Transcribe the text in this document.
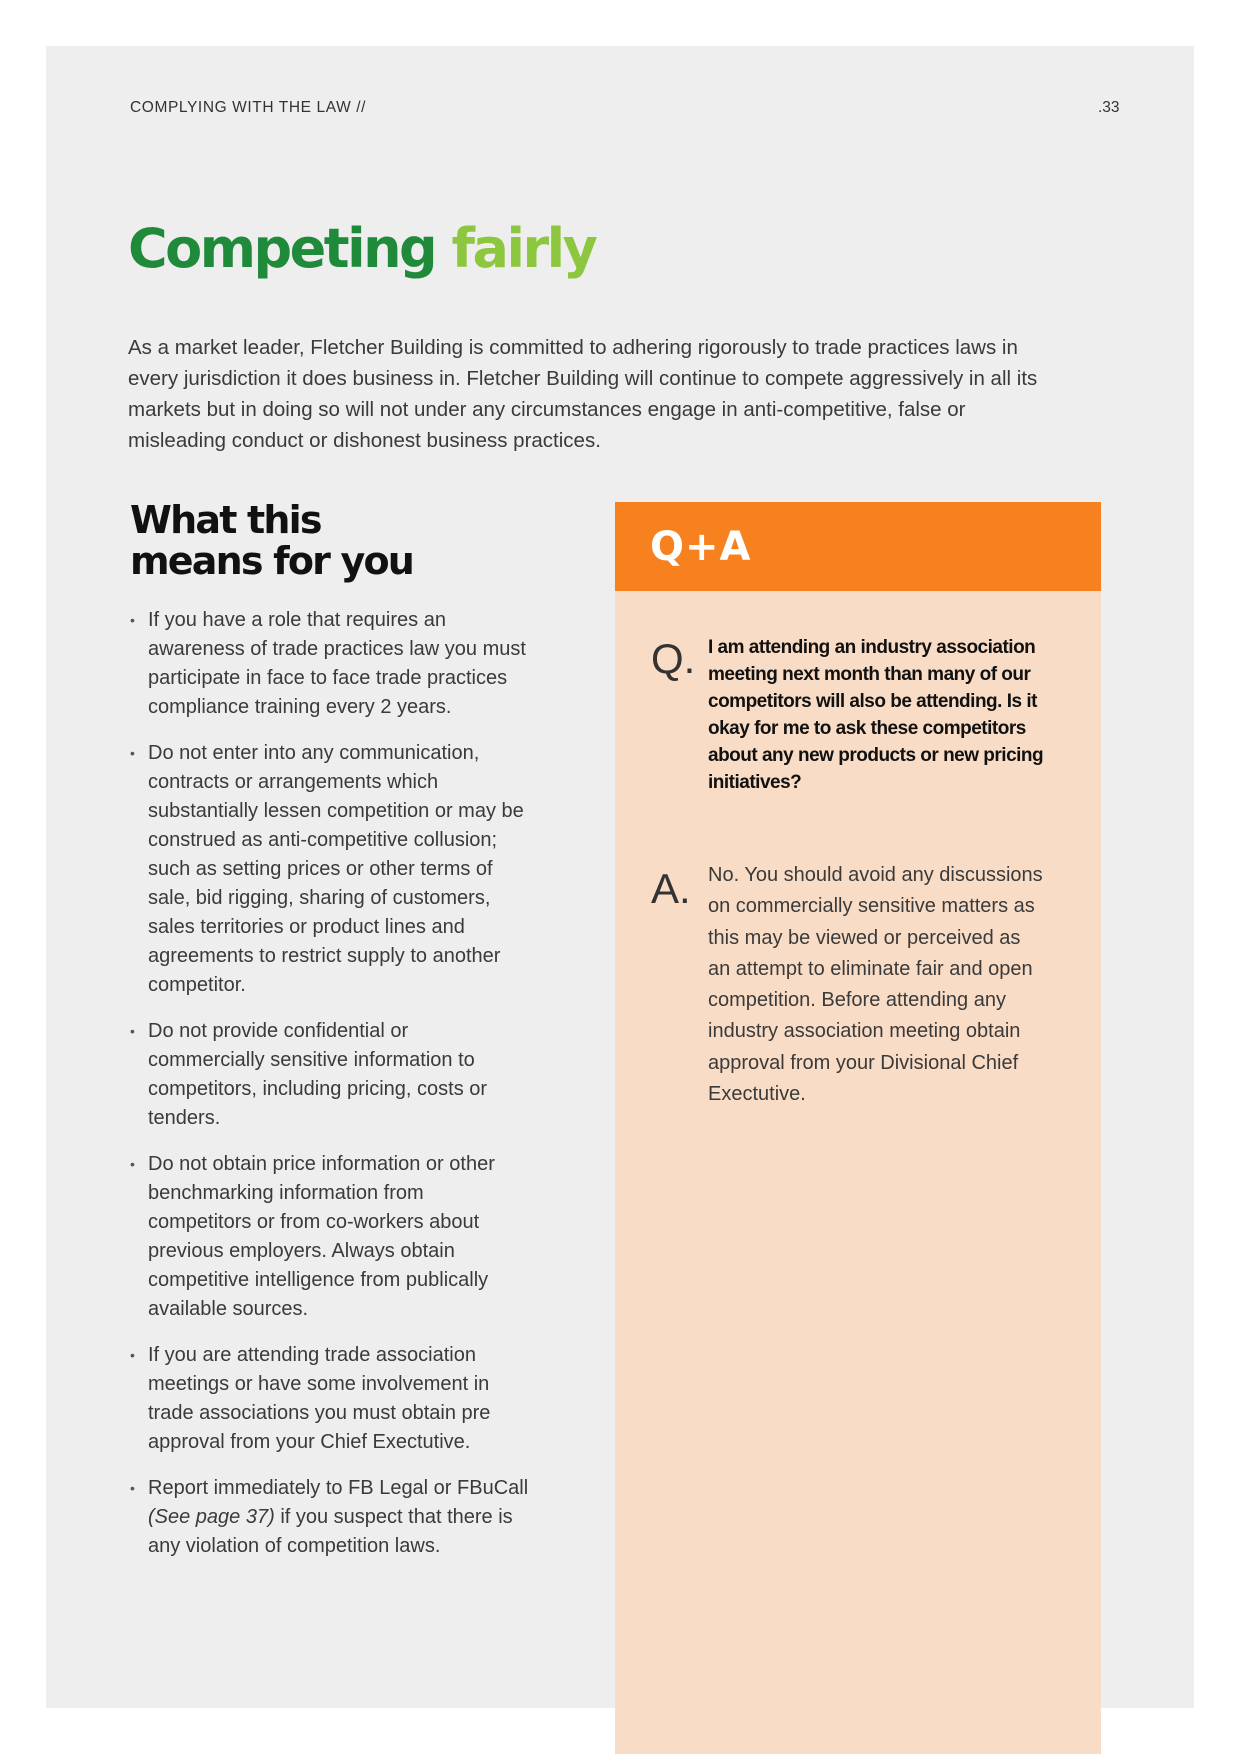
COMPLYING WITH THE LAW //	.33
Competing fairly

As a market leader, Fletcher Building is committed to adhering rigorously to trade practices laws in every jurisdiction it does business in. Fletcher Building will continue to compete aggressively in all its markets but in doing so will not under any circumstances engage in anti-competitive, false or misleading conduct or dishonest business practices.

What this
means for you
• If you have a role that requires an awareness of trade practices law you must participate in face to face trade practices compliance training every 2 years.
• Do not enter into any communication, contracts or arrangements which substantially lessen competition or may be construed as anti-competitive collusion; such as setting prices or other terms of sale, bid rigging, sharing of customers, sales territories or product lines and agreements to restrict supply to another competitor.
• Do not provide confidential or commercially sensitive information to competitors, including pricing, costs or tenders.
• Do not obtain price information or other benchmarking information from competitors or from co-workers about previous employers. Always obtain competitive intelligence from publically available sources.
• If you are attending trade association meetings or have some involvement in trade associations you must obtain pre approval from your Chief Exectutive.
• Report immediately to FB Legal or FBuCall (See page 37) if you suspect that there is any violation of competition laws.
Q+A
Q. I am attending an industry association meeting next month than many of our competitors will also be attending. Is it okay for me to ask these competitors about any new products or new pricing initiatives?

A. No. You should avoid any discussions on commercially sensitive matters as this may be viewed or perceived as an attempt to eliminate fair and open competition. Before attending any industry association meeting obtain approval from your Divisional Chief Exectutive.
